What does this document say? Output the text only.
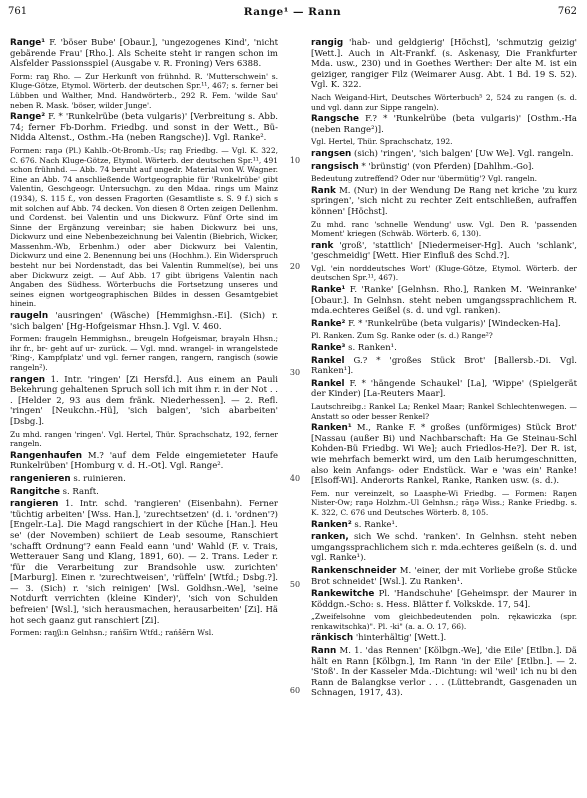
761	Range¹ — Rann	762

Range¹ F. 'böser Bube' [Obaur.], 'ungezogenes Kind', 'nicht gebärende Frau' [Rho.]. Als Scheite steht ir rangen schon im Alsfelder Passionsspiel (Ausgabe v. R. Froning) Vers 6388.

Form: raŋ Rho. — Zur Herkunft von frühnhd. R. 'Mutterschwein' s. Kluge-Götze, Etymol. Wörterb. der deutschen Spr.¹¹, 467; s. ferner bei Lübben und Walther, Mnd. Handwörterb., 292 R. Fem. 'wilde Sau' neben R. Mask. 'böser, wilder Junge'.

Range² F. * 'Runkelrübe (beta vulgaris)' [Verbreitung s. Abb. 74; ferner Fb-Dorhm. Friedbg. und sonst in der Wett., Bü-Nidda Altenst., Osthm.-Ha (neben Rangsche)]. Vgl. Ranke².

Formen: raŋə (Pl.) Kahlb.-Ot-Bromb.-Us; raŋ Friedbg. — Vgl. K. 322, C. 676. Nach Kluge-Götze, Etymol. Wörterb. der deutschen Spr.¹¹, 491 schon frühnhd. — Abb. 74 beruht auf ungedr. Material von W. Wagner. Eine an Abb. 74 anschließende Wortgeographie für 'Runkelrübe' gibt Valentin, Geschgeogr. Untersuchgn. zu den Mdaa. rings um Mainz (1934), S. 115 f., von dessen Fragorten (Gesamtliste s. S. 9 f.) sich s mit solchen auf Abb. 74 decken. Von diesen 8 Orten zeigen Dellenhm. und Cordenst. bei Valentin und uns Dickwurz. Fünf Orte sind im Sinne der Ergänzung vereinbar; sie haben Dickwurz bei uns, Dickwurz und eine Nebenbezeichnung bei Valentin (Biebrich, Wicker, Massenhm.-Wb, Erbenhm.) oder aber Dickwurz bei Valentin, Dickwurz und eine 2. Benennung bei uns (Hochhm.). Ein Widerspruch besteht nur bei Nordenstadt, das bei Valentin Rummel(se), bei uns aber Dickwurz zeigt. — Auf Abb. 17 gibt übrigens Valentin nach Angaben des Südhess. Wörterbuchs die Fortsetzung unseres und seines eignen wortgeographischen Bildes in dessen Gesamtgebiet hinein.

raugeln 'ausringen' (Wäsche) [Hemmighsn.-Ei]. (Sich) r. 'sich balgen' [Hg-Hofgeismar Hhsn.]. Vgl. V. 460.

Formen: fraugeln Hemmighsn., breugeln Hofgeismar, brayəln Hhsn.; ihr fr., br- geht auf ur- zurück. — Vgl. mnd. wrangel- in wrangelstede 'Ring-, Kampfplatz' und vgl. ferner rangen, rangern, rangisch (sowie rangeln²).

rangen 1. Intr. 'ringen' [Zi Hersfd.]. Aus einem an Pauli Bekehrung gehaltenen Spruch soll ich mit ihm r. in der Not . . . [Helder 2, 93 aus dem fränk. Niederhessen]. — 2. Refl. 'ringen' [Neukchn.-Hü], 'sich balgen', 'sich abarbeiten' [Dsbg.].

Zu mhd. rangen 'ringen'. Vgl. Hertel, Thür. Sprachschatz, 192, ferner rangeln.

Rangenhaufen M.? 'auf dem Felde eingemieteter Haufe Runkelrüben' [Homburg v. d. H.-Ot]. Vgl. Range².

rangenieren s. ruinieren.

Rangitche s. Ranft.

rangieren 1. Intr. schd. 'rangieren' (Eisenbahn). Ferner 'tüchtig arbeiten' [Wss. Han.], 'zurechtsetzen' (d. i. 'ordnen'?) [Engelr.-La]. Die Magd rangschiert in der Küche [Han.]. Heu se' (der Novemben) schiiert de Leab sesoume, Ranschiert 'schafft Ordnung'? eann Feald eann 'und' Wahld (F. v. Trais, Wetterauer Sang und Klang, 1891, 60). — 2. Trans. Leder r. 'für die Verarbeitung zur Brandsohle usw. zurichten' [Marburg]. Einen r. 'zurechtweisen', 'rüffeln' [Wtfd.; Dsbg.?]. — 3. (Sich) r. 'sich reinigen' [Wsl. Goldhsn.-We], 'seine Notdurft verrichten (kleine Kinder)', 'sich von Schulden befreien' [Wsl.], 'sich herausmachen, herausarbeiten' [Zi]. Hä hot sech gaanz gut ranschiert [Zi].

Formen: raŋʃiːn Gelnhsn.; rańšīrn Wtfd.; rańšērn Wsl.

10
20
30
40
50
60

rangig 'hab- und geldgierig' [Höchst], 'schmutzig geizig' [Wett.]. Auch in Alt-Frankf. (s. Askenasy, Die Frankfurter Mda. usw., 230) und in Goethes Werther: Der alte M. ist ein geiziger, rangiger Filz (Weimarer Ausg. Abt. 1 Bd. 19 S. 52). Vgl. K. 322.

Nach Weigand-Hirt, Deutsches Wörterbuch⁵ 2, 524 zu rangen (s. d. und vgl. dann zur Sippe rangeln).

Rangsche F.? * 'Runkelrübe (beta vulgaris)' [Osthm.-Ha (neben Range²)].

Vgl. Hertel, Thür. Sprachschatz, 192.

rangsen (sich) 'ringen', 'sich balgen' [Uw We]. Vgl. rangeln.

rangsisch * 'brünstig' (von Pferden) [Dahlhm.-Go].

Bedeutung zutreffend? Oder nur 'übermütig'? Vgl. rangeln.

Rank M. (Nur) in der Wendung De Rang net kriche 'zu kurz springen', 'sich nicht zu rechter Zeit entschließen, aufraffen können' [Höchst].

Zu mhd. ranc 'schnelle Wendung' usw. Vgl. Den R. 'passenden Moment' kriegen (Schwäb. Wörterb. 6, 130).

rank 'groß', 'stattlich' [Niedermeiser-Hg]. Auch 'schlank', 'geschmeidig' [Wett. Hier Einfluß des Schd.?].

Vgl. 'ein norddeutsches Wort' (Kluge-Götze, Etymol. Wörterb. der deutschen Spr.¹¹, 467).

Ranke¹ F. 'Ranke' [Gelnhsn. Rho.], Ranken M. 'Weinranke' [Obaur.]. In Gelnhsn. steht neben umgangssprachlichem R. mda.echteres Geißel (s. d. und vgl. ranken).

Ranke² F. * 'Runkelrübe (beta vulgaris)' [Windecken-Ha].

Pl. Ranken. Zum Sg. Ranke oder (s. d.) Range²?

Ranke³ s. Ranken¹.

Rankel G.? * 'großes Stück Brot' [Ballersb.-Di. Vgl. Ranken¹].

Rankel F. * 'hängende Schaukel' [La], 'Wippe' (Spielgerät der Kinder) [La-Reuters Maar].

Lautschreibg.: Rankel La; Renkel Maar; Rankel Schlechtenwegen. — Anstatt so oder besser Renkel?

Ranken¹ M., Ranke F. * großes (unförmiges) Stück Brot' [Nassau (außer Bi) und Nachbarschaft: Ha Ge Steinau-Schl Kohden-Bü Friedbg. Wi We]; auch Friedlos-He?]. Der R. ist, wie mehrfach bemerkt wird, um den Laib herumgeschnitten, also kein Anfangs- oder Endstück. War e 'was ein' Ranke! [Elsoff-Wi]. Anderorts Rankel, Ranke, Ranken usw. (s. d.).

Fem. nur vereinzelt, so Laasphe-Wi Friedbg. — Formen: Raŋen Nister-Ow; raŋə Holzhm.-Ul Gelnhsn.; rāŋə Wiss.; Ranke Friedbg. s. K. 322, C. 676 und Deutsches Wörterb. 8, 105.

Ranken² s. Ranke¹.

ranken, sich We schd. 'ranken'. In Gelnhsn. steht neben umgangssprachlichem sich r. mda.echteres geißeln (s. d. und vgl. Ranke¹).

Rankenschneider M. 'einer, der mit Vorliebe große Stücke Brot schneidet' [Wsl.]. Zu Ranken¹.

Rankewitche Pl. 'Handschuhe' [Geheimspr. der Maurer in Köddgn.-Scho: s. Hess. Blätter f. Volkskde. 17, 54].

„Zweifelsohne vom gleichbedeutenden poln. rękawiczka (spr. renkawitschka)". Pl. -ki" (a. a. O. 17, 66).

ränkisch 'hinterhältig' [Wett.].

Rann M. 1. 'das Rennen' [Kölbgn.-We], 'die Eile' [Etlbn.]. Dä hält en Rann [Kölbgn.], Im Rann 'in der Eile' [Etlbn.]. — 2. 'Stoß'. In der Kasseler Mda.-Dichtung: wil 'weil' ich nu bi den Rann de Balangkse verlor . . . (Lüttebrandt, Gasgenaden un Schnagen, 1917, 43).
